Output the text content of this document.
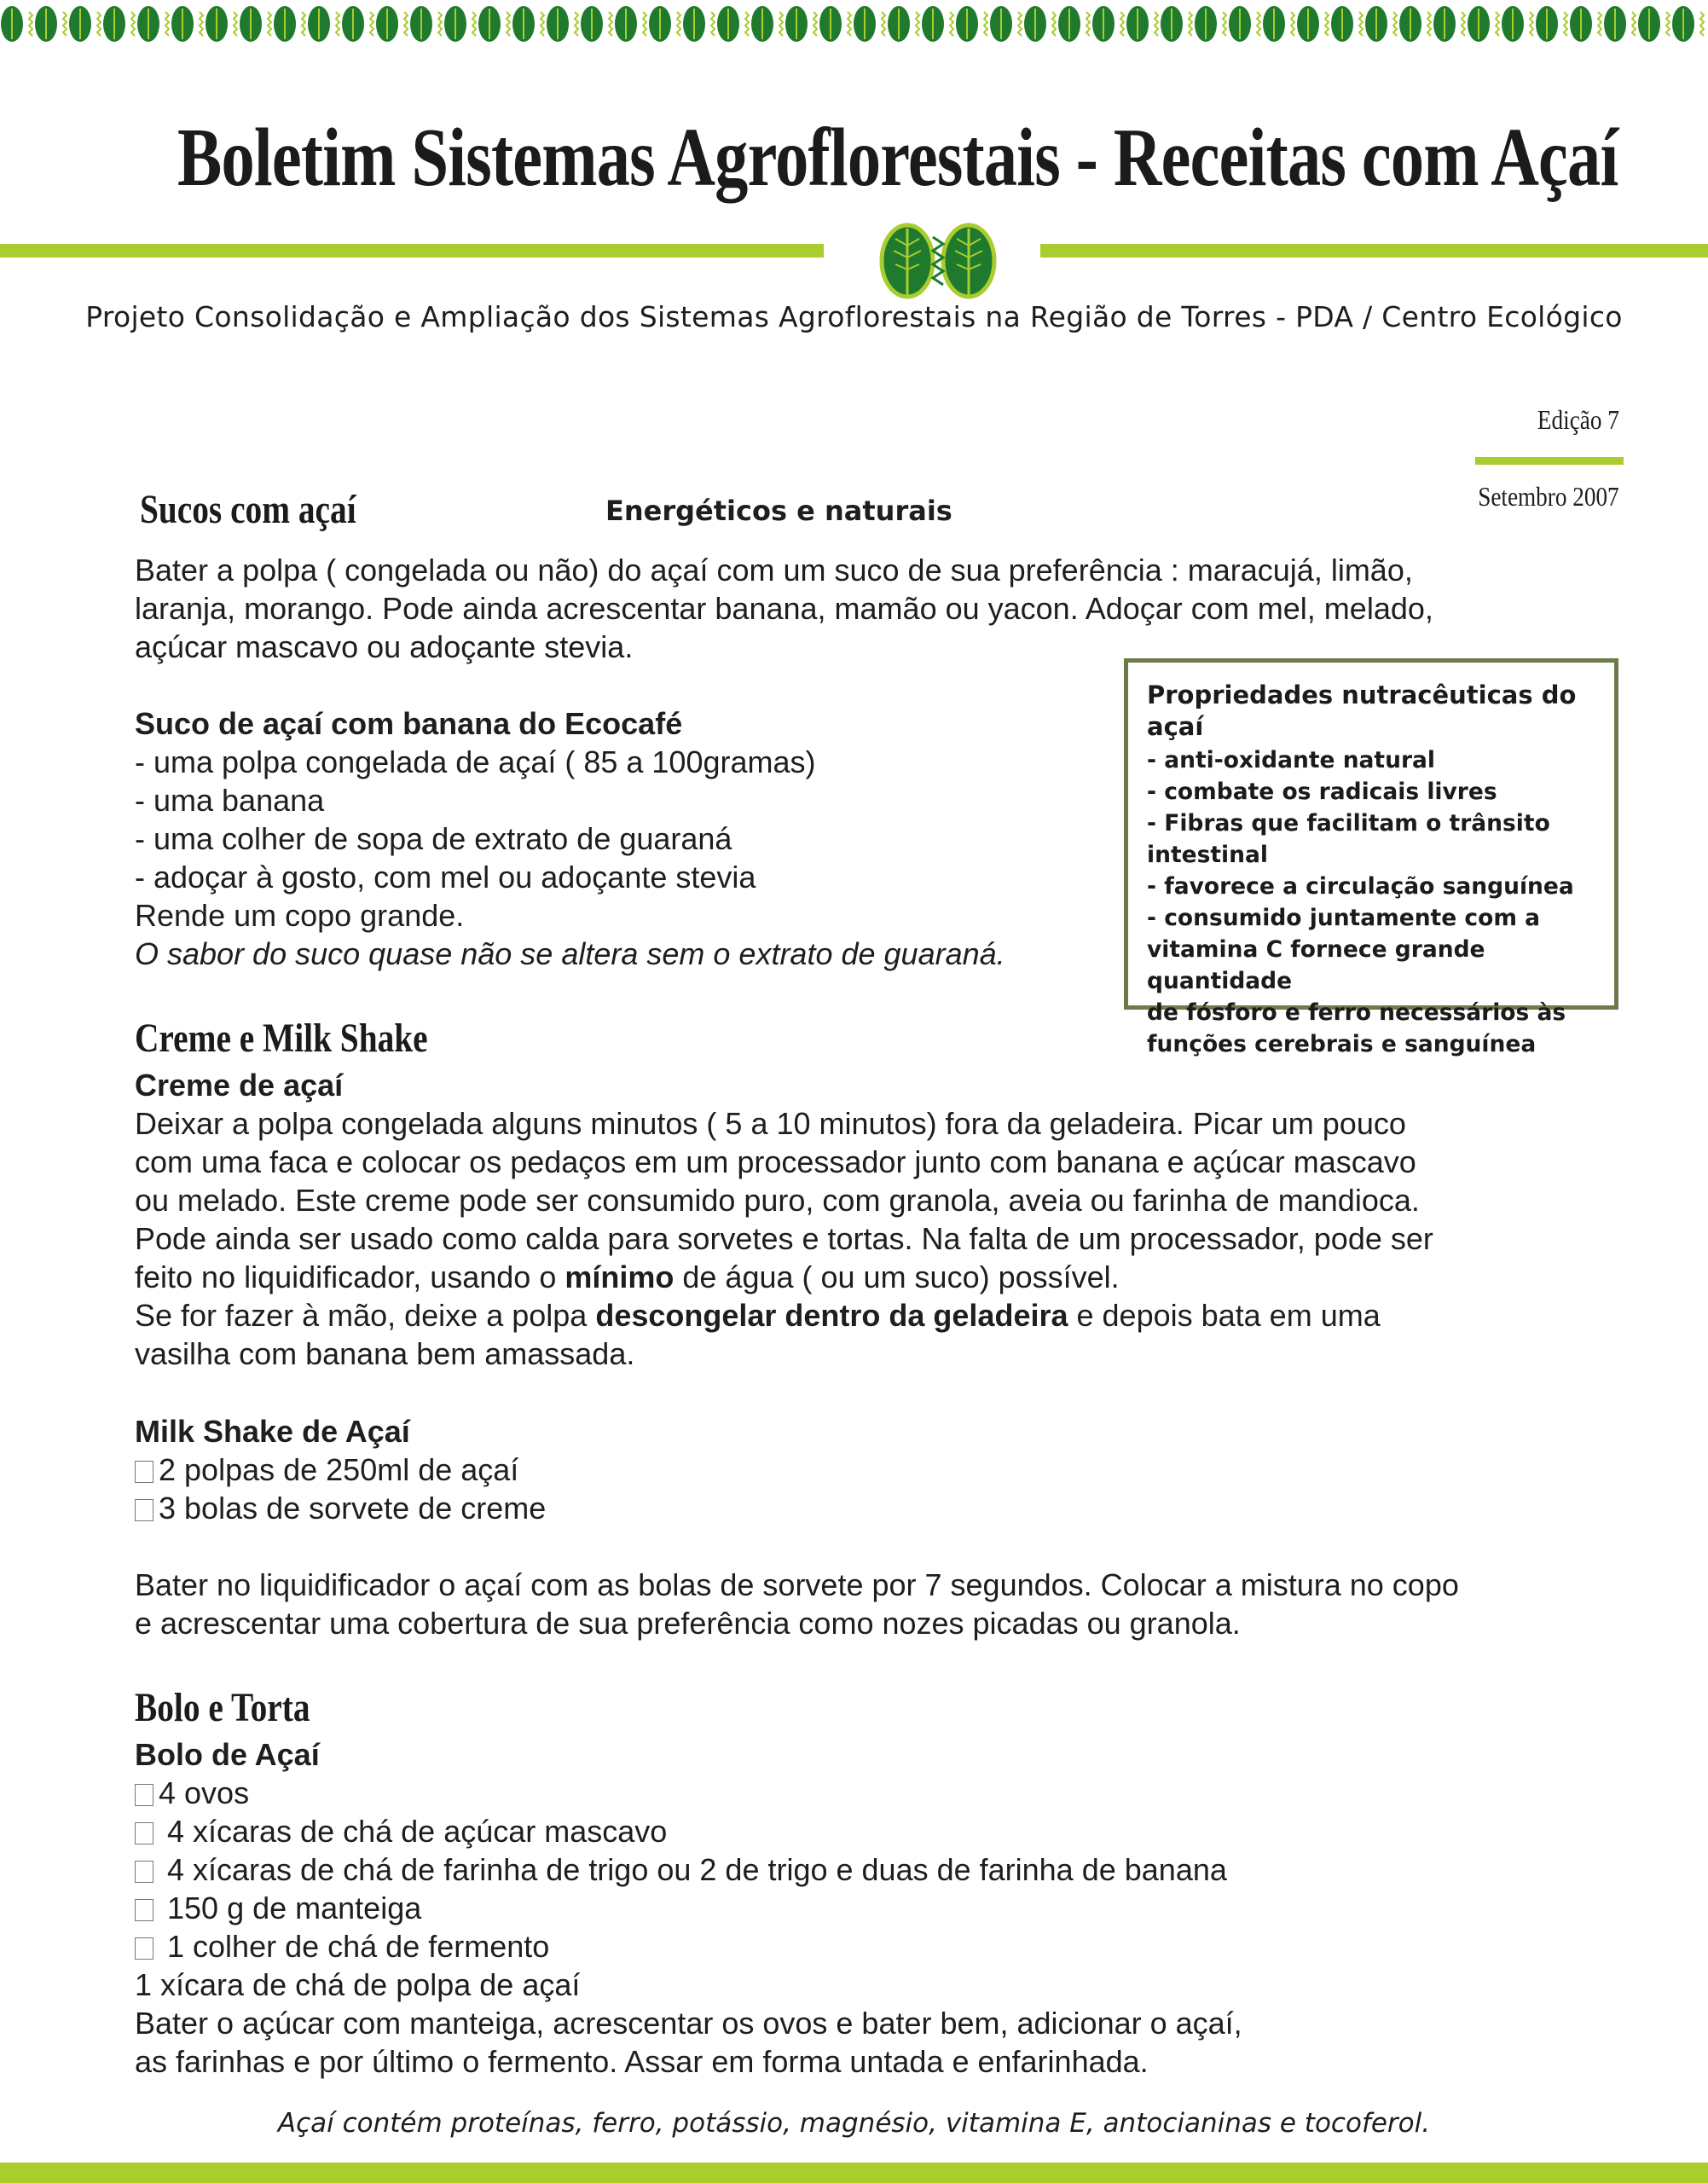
Boletim Sistemas Agroflorestais - Receitas com Açaí
Projeto Consolidação e Ampliação dos Sistemas Agroflorestais na Região de Torres - PDA / Centro Ecológico
Edição 7
Setembro 2007
Sucos com açaí	Energéticos e naturais

Bater a polpa ( congelada ou não) do açaí com um suco de sua preferência : maracujá, limão,

laranja, morango. Pode ainda acrescentar banana, mamão ou yacon. Adoçar com mel, melado,

açúcar mascavo ou adoçante stevia.

Suco de açaí com banana do Ecocafé

- uma polpa congelada de açaí ( 85 a 100gramas)

- uma banana

- uma colher de sopa de extrato de guaraná

- adoçar à gosto, com mel ou adoçante stevia

Rende um copo grande.

O sabor do suco quase não se altera sem o extrato de guaraná.

Propriedades nutracêuticas do açaí

- anti-oxidante natural

- combate os radicais livres

- Fibras que facilitam o trânsito

intestinal

- favorece a circulação sanguínea

- consumido juntamente com a

vitamina C fornece grande quantidade

de fósforo e ferro necessários às

funções cerebrais e sanguínea

Creme e Milk Shake

Creme de açaí

Deixar a polpa congelada alguns minutos ( 5 a 10 minutos) fora da geladeira. Picar um pouco

com uma faca e colocar os pedaços em um processador junto com banana e açúcar mascavo

ou melado. Este creme pode ser consumido puro, com granola, aveia ou farinha de mandioca.

Pode ainda ser usado como calda para sorvetes e tortas. Na falta de um processador, pode ser

feito no liquidificador, usando o mínimo de água ( ou um suco) possível.

Se for fazer à mão, deixe a polpa descongelar dentro da geladeira e depois bata em uma

vasilha com banana bem amassada.

Milk Shake de Açaí

2 polpas de 250ml de açaí

3 bolas de sorvete de creme

Bater no liquidificador o açaí com as bolas de sorvete por 7 segundos. Colocar a mistura no copo

e acrescentar uma cobertura de sua preferência como nozes picadas ou granola.

Bolo e Torta

Bolo de Açaí

4 ovos

4 xícaras de chá de açúcar mascavo

4 xícaras de chá de farinha de trigo ou 2 de trigo e duas de farinha de banana

150 g de manteiga

1 colher de chá de fermento

1 xícara de chá de polpa de açaí

Bater o açúcar com manteiga, acrescentar os ovos e bater bem, adicionar o açaí,

as farinhas e por último o fermento. Assar em forma untada e enfarinhada.

Açaí contém proteínas, ferro, potássio, magnésio, vitamina E, antocianinas e tocoferol.
